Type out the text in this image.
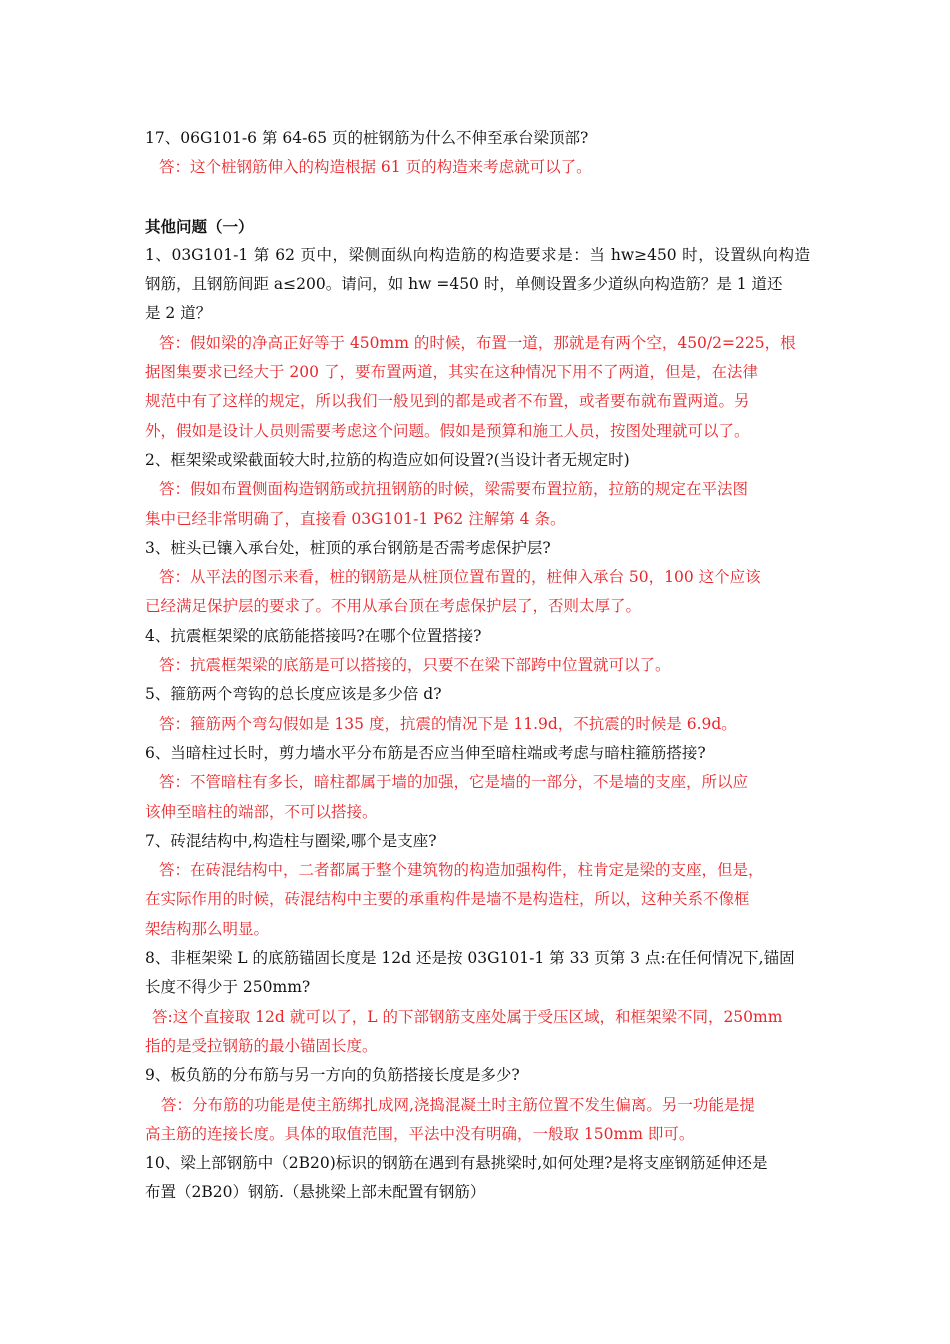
17、06G101-6 第 64-65 页的桩钢筋为什么不伸至承台梁顶部?
答：这个桩钢筋伸入的构造根据 61 页的构造来考虑就可以了。
其他问题（一）
1、03G101-1 第 62 页中，梁侧面纵向构造筋的构造要求是：当 hw≥450 时，设置纵向构造
钢筋，且钢筋间距 a≤200。请问，如 hw =450 时，单侧设置多少道纵向构造筋？是 1 道还
是 2 道？
答：假如梁的净高正好等于 450mm 的时候，布置一道，那就是有两个空，450/2=225，根
据图集要求已经大于 200 了，要布置两道，其实在这种情况下用不了两道，但是，在法律
规范中有了这样的规定，所以我们一般见到的都是或者不布置，或者要布就布置两道。另
外，假如是设计人员则需要考虑这个问题。假如是预算和施工人员，按图处理就可以了。
2、框架梁或梁截面较大时,拉筋的构造应如何设置?(当设计者无规定时)
答：假如布置侧面构造钢筋或抗扭钢筋的时候，梁需要布置拉筋，拉筋的规定在平法图
集中已经非常明确了，直接看 03G101-1 P62 注解第 4 条。
3、桩头已镶入承台处，桩顶的承台钢筋是否需考虑保护层?
答：从平法的图示来看，桩的钢筋是从桩顶位置布置的，桩伸入承台 50，100 这个应该
已经满足保护层的要求了。不用从承台顶在考虑保护层了，否则太厚了。
4、抗震框架梁的底筋能搭接吗?在哪个位置搭接?
答：抗震框架梁的底筋是可以搭接的，只要不在梁下部跨中位置就可以了。
5、箍筋两个弯钩的总长度应该是多少倍 d?
答：箍筋两个弯勾假如是 135 度，抗震的情况下是 11.9d，不抗震的时候是 6.9d。
6、当暗柱过长时，剪力墙水平分布筋是否应当伸至暗柱端或考虑与暗柱箍筋搭接?
答：不管暗柱有多长，暗柱都属于墙的加强，它是墙的一部分，不是墙的支座，所以应
该伸至暗柱的端部，不可以搭接。
7、砖混结构中,构造柱与圈梁,哪个是支座?
答：在砖混结构中，二者都属于整个建筑物的构造加强构件，柱肯定是梁的支座，但是，
在实际作用的时候，砖混结构中主要的承重构件是墙不是构造柱，所以，这种关系不像框
架结构那么明显。
8、非框架梁 L 的底筋锚固长度是 12d 还是按 03G101-1 第 33 页第 3 点:在任何情况下,锚固
长度不得少于 250mm?
答:这个直接取 12d 就可以了，L 的下部钢筋支座处属于受压区域，和框架梁不同，250mm
指的是受拉钢筋的最小锚固长度。
9、板负筋的分布筋与另一方向的负筋搭接长度是多少?
答：分布筋的功能是使主筋绑扎成网,浇捣混凝土时主筋位置不发生偏离。另一功能是提
高主筋的连接长度。具体的取值范围，平法中没有明确，一般取 150mm 即可。
10、梁上部钢筋中（2B20)标识的钢筋在遇到有悬挑梁时,如何处理?是将支座钢筋延伸还是
布置（2B20）钢筋.（悬挑梁上部未配置有钢筋）
